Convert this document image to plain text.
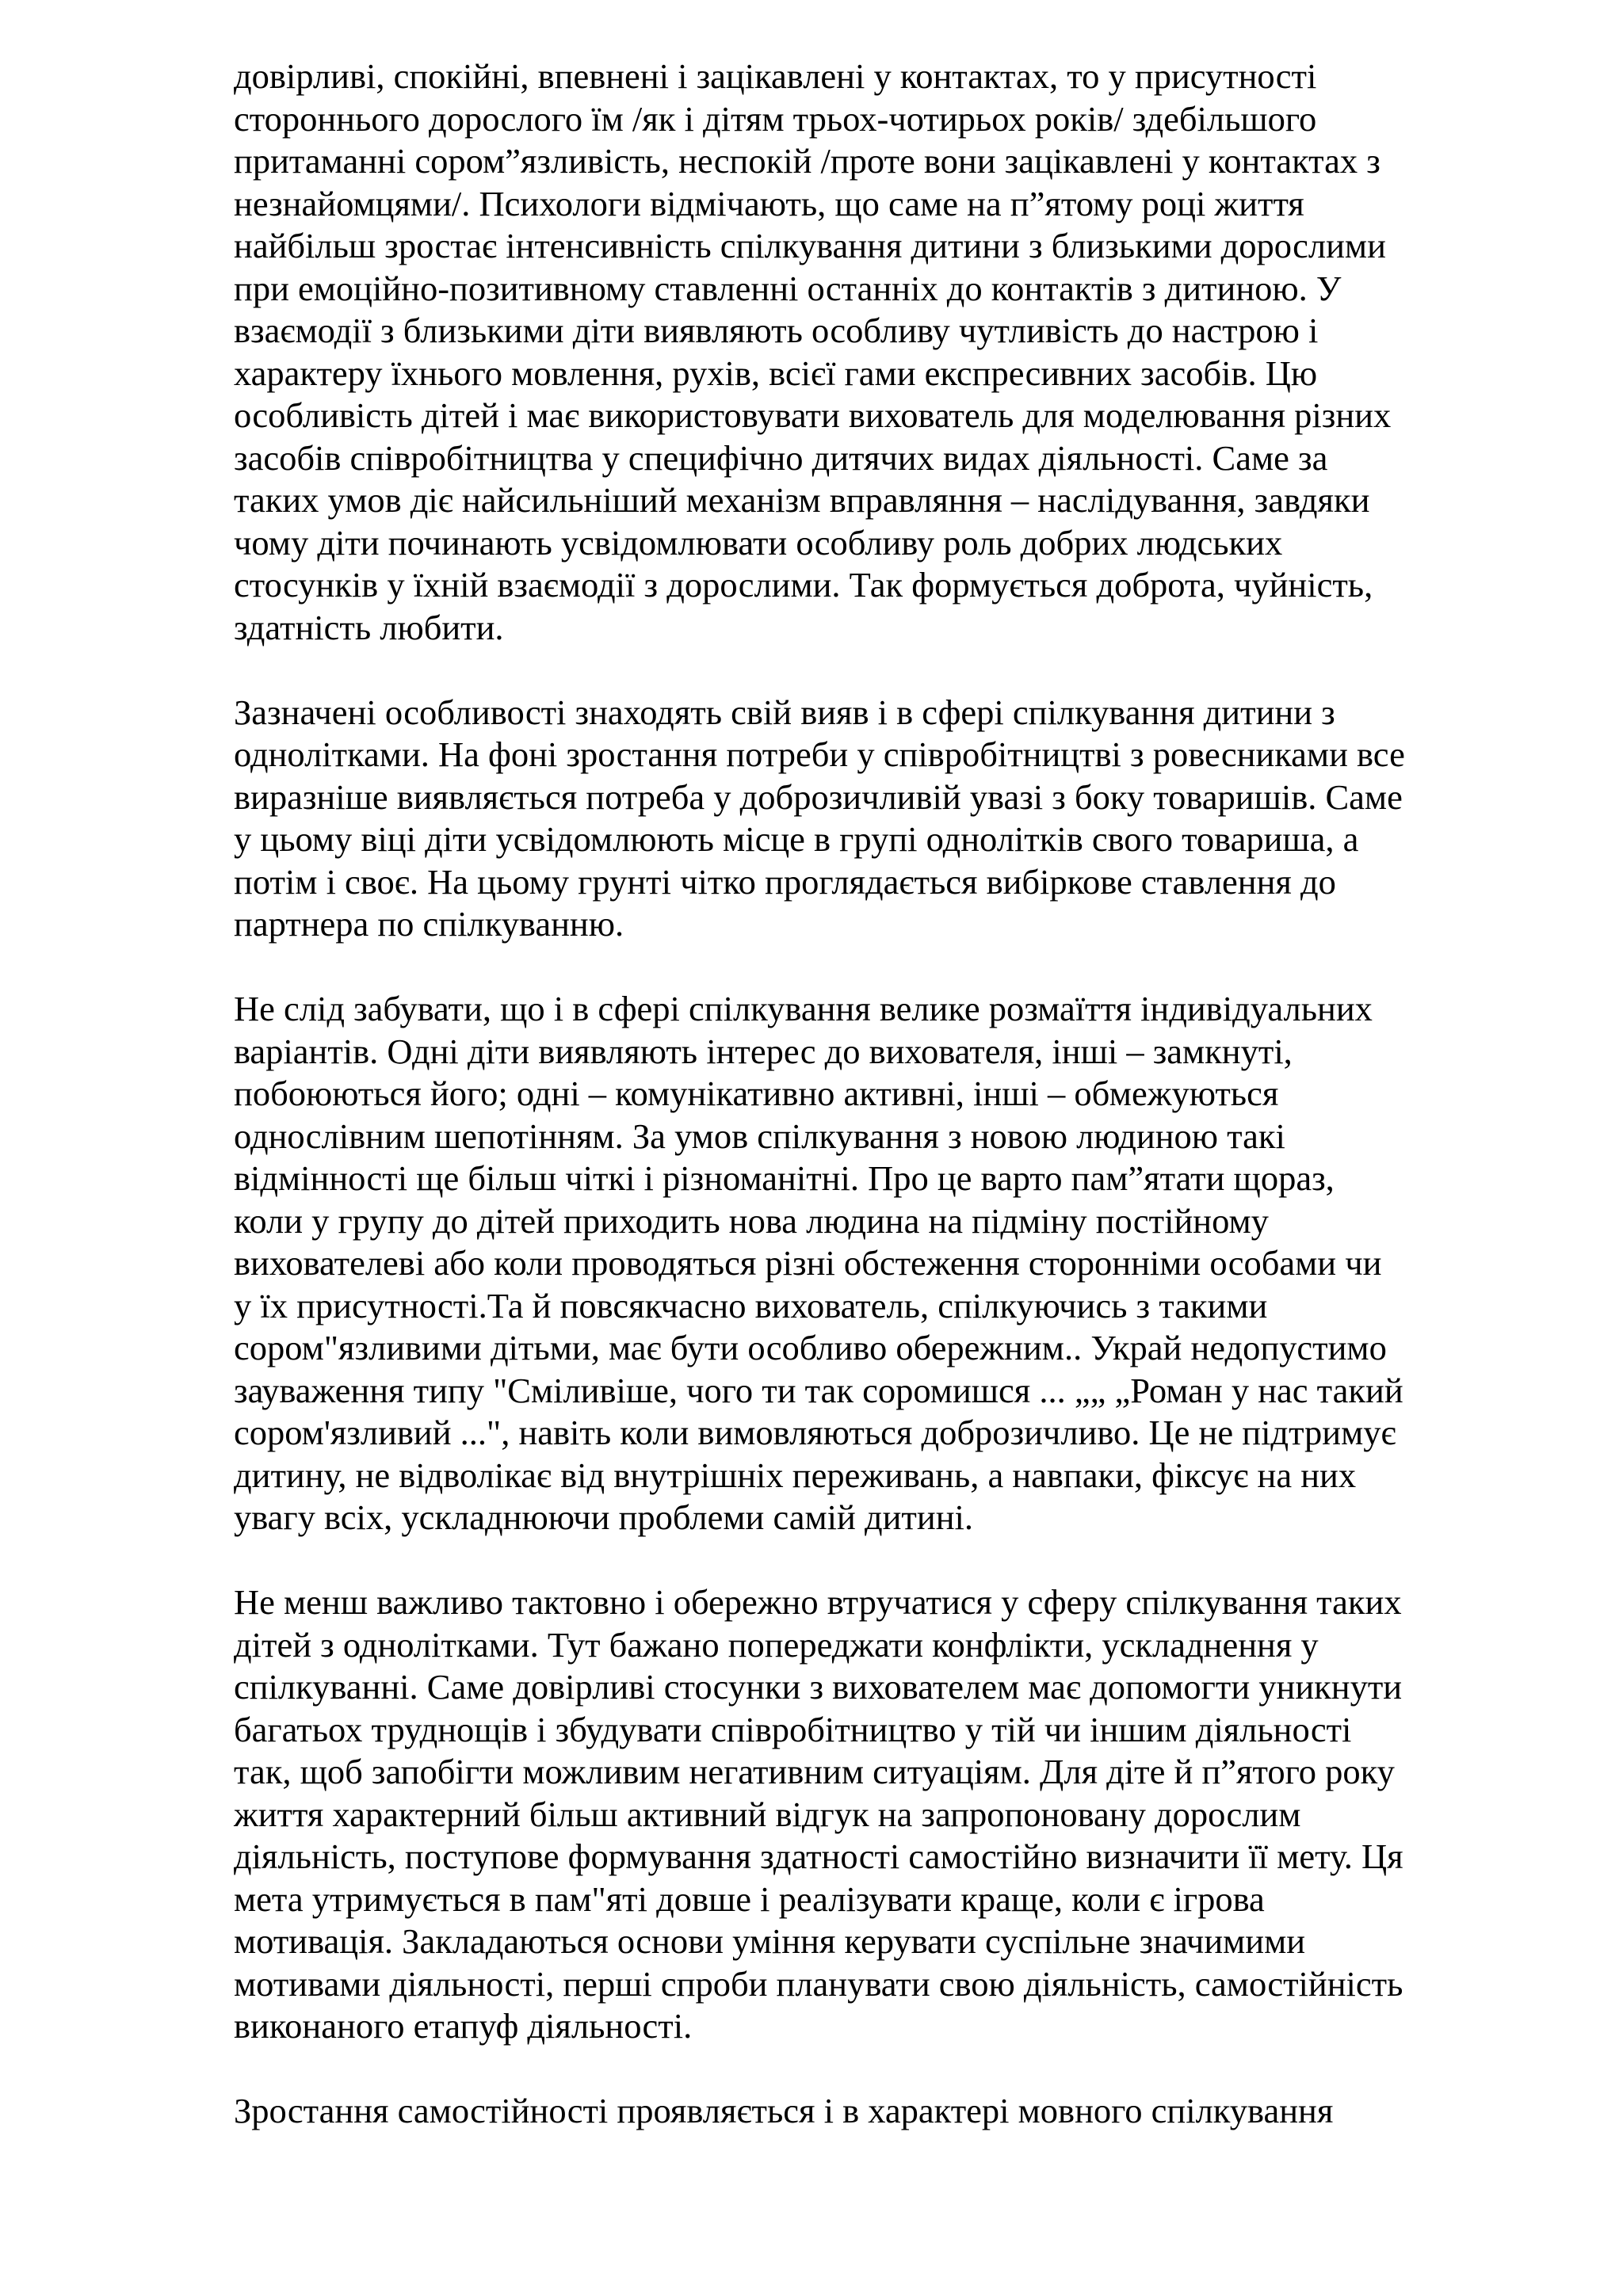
довірливі, спокійні, впевнені і зацікавлені у контактах, то у присутності
стороннього дорослого їм /як і дітям трьох-чотирьох років/ здебільшого
притаманні сором”язливість, неспокій /проте вони зацікавлені у контактах з
незнайомцями/. Психологи відмічають, що саме на п”ятому році життя
найбільш зростає інтенсивність спілкування дитини з близькими дорослими
при емоційно-позитивному ставленні останніх до контактів з дитиною. У
взаємодії з близькими діти виявляють особливу чутливість до настрою і
характеру їхнього мовлення, рухів, всієї гами експресивних засобів. Цю
особливість дітей і має використовувати вихователь для моделювання різних
засобів співробітництва у специфічно дитячих видах діяльності. Саме за
таких умов діє найсильніший механізм вправляння – наслідування, завдяки
чому діти починають усвідомлювати особливу роль добрих людських
стосунків у їхній взаємодії з дорослими. Так формується доброта, чуйність,
здатність любити.
Зазначені особливості знаходять свій вияв і в сфері спілкування дитини з
однолітками. На фоні зростання потреби у співробітництві з ровесниками все
виразніше виявляється потреба у доброзичливій увазі з боку товаришів. Саме
у цьому віці діти усвідомлюють місце в групі однолітків свого товариша, а
потім і своє. На цьому грунті чітко проглядається вибіркове ставлення до
партнера по спілкуванню.
Не слід забувати, що і в сфері спілкування велике розмаїття індивідуальних
варіантів. Одні діти виявляють інтерес до вихователя, інші – замкнуті,
побоюються його; одні – комунікативно активні, інші – обмежуються
однослівним шепотінням. За умов спілкування з новою людиною такі
відмінності ще більш чіткі і різноманітні. Про це варто пам”ятати щораз,
коли у групу до дітей приходить нова людина на підміну постійному
вихователеві або коли проводяться різні обстеження сторонніми особами чи
у їх присутності.Та й повсякчасно вихователь, спілкуючись з такими
сором"язливими дітьми, має бути особливо обережним.. Украй недопустимо
зауваження типу "Сміливіше, чого ти так соромишся ... „„ „Роман у нас такий
сором'язливий ...", навіть коли вимовляються доброзичливо. Це не підтримує
дитину, не відволікає від внутрішніх переживань, а навпаки, фіксує на них
увагу всіх, ускладнюючи проблеми самій дитині.
Не менш важливо тактовно і обережно втручатися у сферу спілкування таких
дітей з однолітками. Тут бажано попереджати конфлікти, ускладнення у
спілкуванні. Саме довірливі стосунки з вихователем має допомогти уникнути
багатьох труднощів і збудувати співробітництво у тій чи іншим діяльності
так, щоб запобігти можливим негативним ситуаціям. Для діте й п”ятого року
життя характерний більш активний відгук на запропоновану дорослим
діяльність, поступове формування здатності самостійно визначити її мету. Ця
мета утримується в пам"яті довше і реалізувати краще, коли є ігрова
мотивація. Закладаються основи уміння керувати суспільне значимими
мотивами діяльності, перші спроби планувати свою діяльність, самостійність
виконаного етапуф діяльності.
Зростання самостійності проявляється і в характері мовного спілкування
